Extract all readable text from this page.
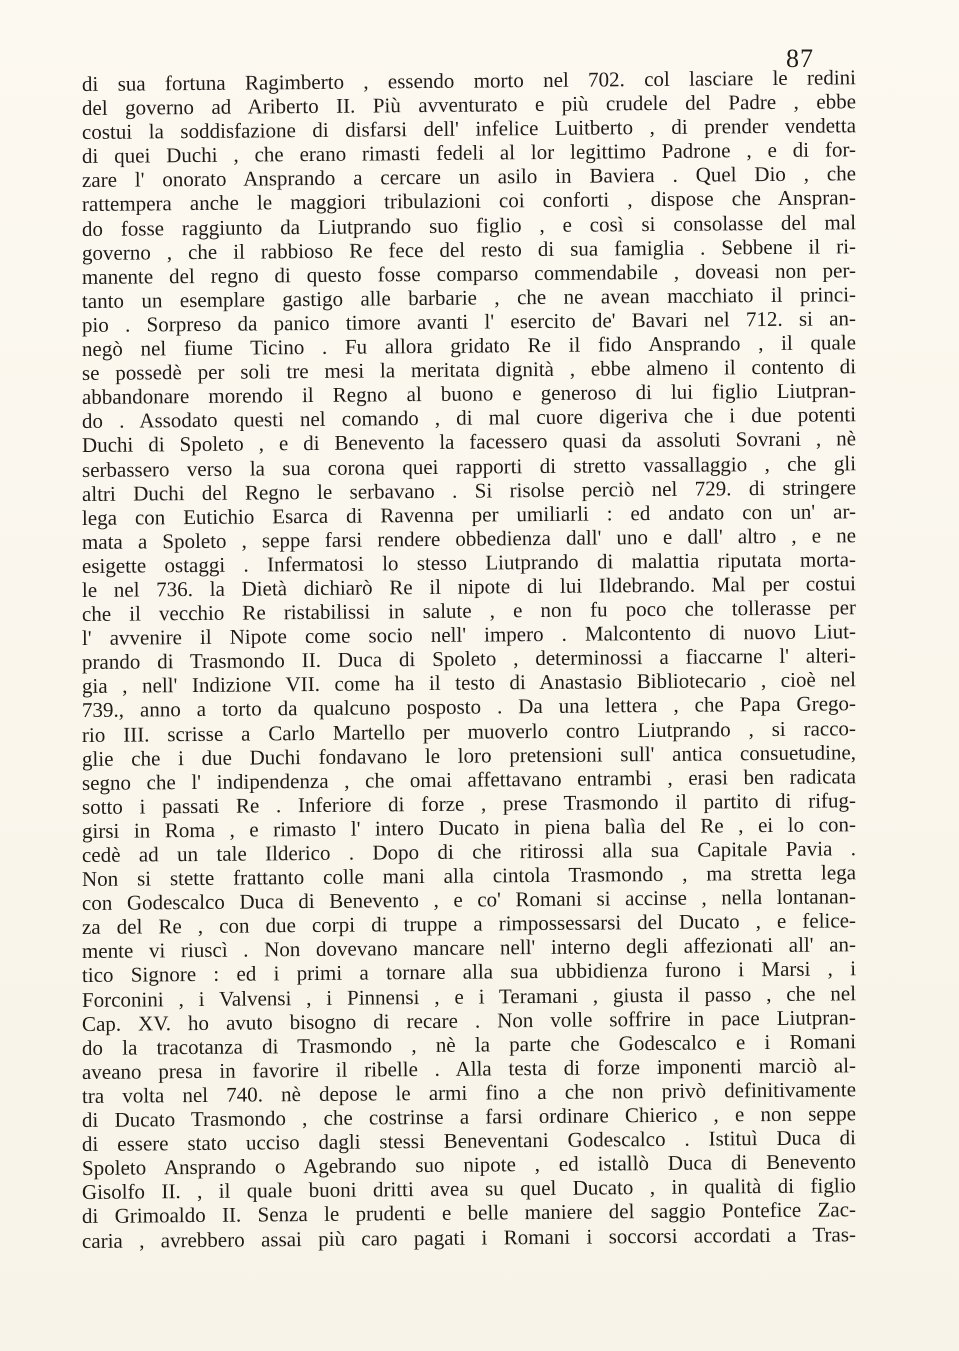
87
di sua fortuna Ragimberto , essendo morto nel 702. col lasciare le redini
del governo ad Ariberto II. Più avventurato e più crudele del Padre , ebbe
costui la soddisfazione di disfarsi dell' infelice Luitberto , di prender vendetta
di quei Duchi , che erano rimasti fedeli al lor legittimo Padrone , e di for-
zare l' onorato Ansprando a cercare un asilo in Baviera . Quel Dio , che
rattempera anche le maggiori tribulazioni coi conforti , dispose che Anspran-
do fosse raggiunto da Liutprando suo figlio , e così si consolasse del mal
governo , che il rabbioso Re fece del resto di sua famiglia . Sebbene il ri-
manente del regno di questo fosse comparso commendabile , doveasi non per-
tanto un esemplare gastigo alle barbarie , che ne avean macchiato il princi-
pio . Sorpreso da panico timore avanti l' esercito de' Bavari nel 712. si an-
negò nel fiume Ticino . Fu allora gridato Re il fido Ansprando , il quale
se possedè per soli tre mesi la meritata dignità , ebbe almeno il contento di
abbandonare morendo il Regno al buono e generoso di lui figlio Liutpran-
do . Assodato questi nel comando , di mal cuore digeriva che i due potenti
Duchi di Spoleto , e di Benevento la facessero quasi da assoluti Sovrani , nè
serbassero verso la sua corona quei rapporti di stretto vassallaggio , che gli
altri Duchi del Regno le serbavano . Si risolse perciò nel 729. di stringere
lega con Eutichio Esarca di Ravenna per umiliarli : ed andato con un' ar-
mata a Spoleto , seppe farsi rendere obbedienza dall' uno e dall' altro , e ne
esigette ostaggi . Infermatosi lo stesso Liutprando di malattia riputata morta-
le nel 736. la Dietà dichiarò Re il nipote di lui Ildebrando. Mal per costui
che il vecchio Re ristabilissi in salute , e non fu poco che tollerasse per
l' avvenire il Nipote come socio nell' impero . Malcontento di nuovo Liut-
prando di Trasmondo II. Duca di Spoleto , determinossi a fiaccarne l' alteri-
gia , nell' Indizione VII. come ha il testo di Anastasio Bibliotecario , cioè nel
739., anno a torto da qualcuno posposto . Da una lettera , che Papa Grego-
rio III. scrisse a Carlo Martello per muoverlo contro Liutprando , si racco-
glie che i due Duchi fondavano le loro pretensioni sull' antica consuetudine,
segno che l' indipendenza , che omai affettavano entrambi , erasi ben radicata
sotto i passati Re . Inferiore di forze , prese Trasmondo il partito di rifug-
girsi in Roma , e rimasto l' intero Ducato in piena balìa del Re , ei lo con-
cedè ad un tale Ilderico . Dopo di che ritirossi alla sua Capitale Pavia .
Non si stette frattanto colle mani alla cintola Trasmondo , ma stretta lega
con Godescalco Duca di Benevento , e co' Romani si accinse , nella lontanan-
za del Re , con due corpi di truppe a rimpossessarsi del Ducato , e felice-
mente vi riuscì . Non dovevano mancare nell' interno degli affezionati all' an-
tico Signore : ed i primi a tornare alla sua ubbidienza furono i Marsi , i
Forconini , i Valvensi , i Pinnensi , e i Teramani , giusta il passo , che nel
Cap. XV. ho avuto bisogno di recare . Non volle soffrire in pace Liutpran-
do la tracotanza di Trasmondo , nè la parte che Godescalco e i Romani
aveano presa in favorire il ribelle . Alla testa di forze imponenti marciò al-
tra volta nel 740. nè depose le armi fino a che non privò definitivamente
di Ducato Trasmondo , che costrinse a farsi ordinare Chierico , e non seppe
di essere stato ucciso dagli stessi Beneventani Godescalco . Istituì Duca di
Spoleto Ansprando o Agebrando suo nipote , ed istallò Duca di Benevento
Gisolfo II. , il quale buoni dritti avea su quel Ducato , in qualità di figlio
di Grimoaldo II. Senza le prudenti e belle maniere del saggio Pontefice Zac-
caria , avrebbero assai più caro pagati i Romani i soccorsi accordati a Tras-
